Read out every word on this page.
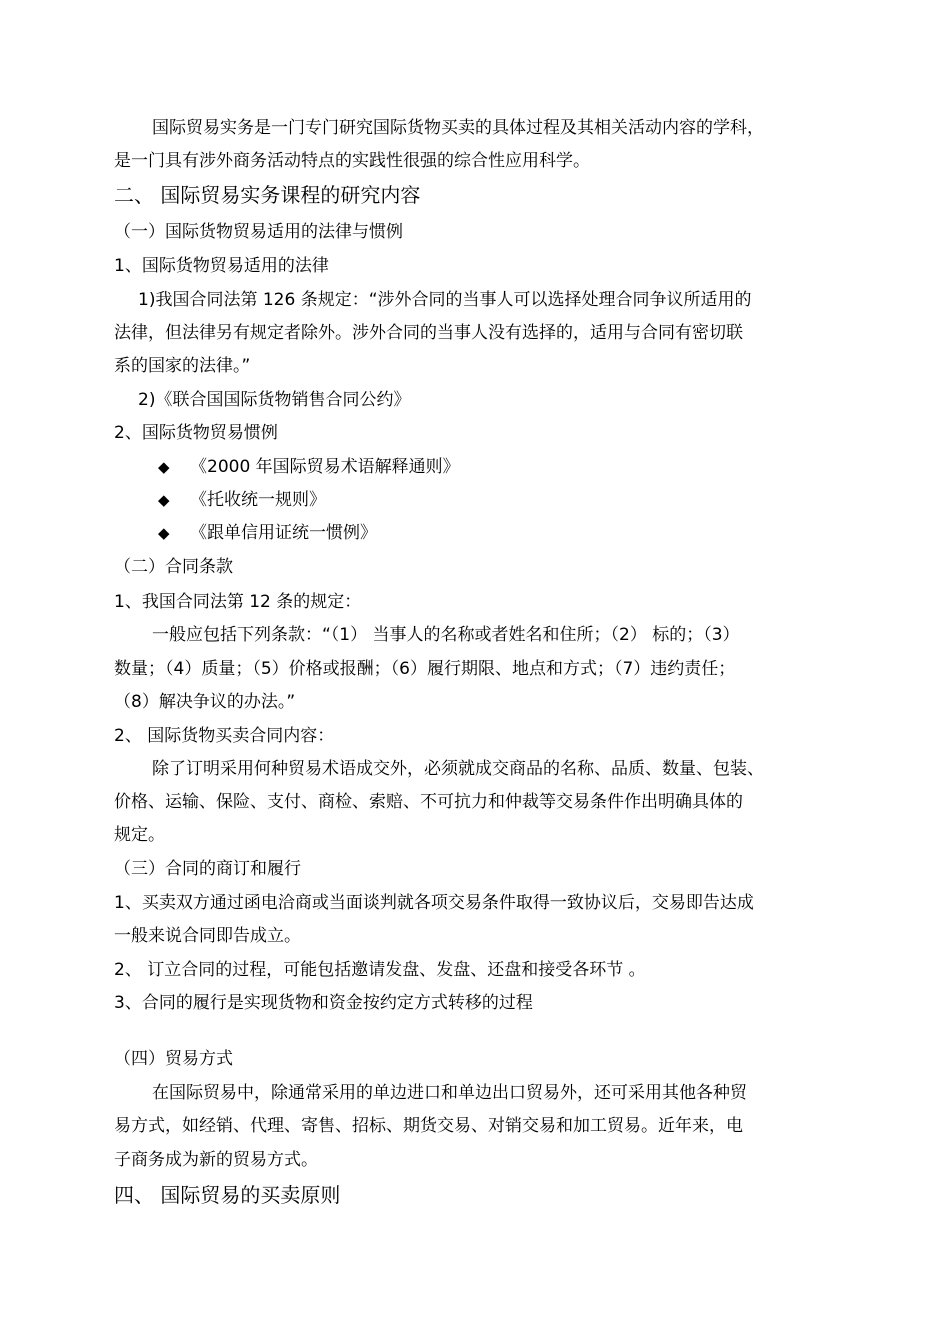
国际贸易实务是一门专门研究国际货物买卖的具体过程及其相关活动内容的学科，
是一门具有涉外商务活动特点的实践性很强的综合性应用科学。
二、 国际贸易实务课程的研究内容
（一）国际货物贸易适用的法律与惯例
1、国际货物贸易适用的法律
1)我国合同法第 126 条规定：“涉外合同的当事人可以选择处理合同争议所适用的
法律，但法律另有规定者除外。涉外合同的当事人没有选择的，适用与合同有密切联
系的国家的法律。”
2)《联合国国际货物销售合同公约》
2、国际货物贸易惯例
◆ 《2000 年国际贸易术语解释通则》
◆ 《托收统一规则》
◆ 《跟单信用证统一惯例》
（二）合同条款
1、我国合同法第 12 条的规定：
一般应包括下列条款：“（1） 当事人的名称或者姓名和住所；（2） 标的；（3）
数量；（4）质量；（5）价格或报酬；（6）履行期限、地点和方式；（7）违约责任；
（8）解决争议的办法。”
2、 国际货物买卖合同内容：
除了订明采用何种贸易术语成交外，必须就成交商品的名称、品质、数量、包装、
价格、运输、保险、支付、商检、索赔、不可抗力和仲裁等交易条件作出明确具体的
规定。
（三）合同的商订和履行
1、买卖双方通过函电洽商或当面谈判就各项交易条件取得一致协议后，交易即告达成
一般来说合同即告成立。
2、 订立合同的过程，可能包括邀请发盘、发盘、还盘和接受各环节 。
3、合同的履行是实现货物和资金按约定方式转移的过程
（四）贸易方式
在国际贸易中，除通常采用的单边进口和单边出口贸易外，还可采用其他各种贸
易方式，如经销、代理、寄售、招标、期货交易、对销交易和加工贸易。近年来，电
子商务成为新的贸易方式。
四、 国际贸易的买卖原则
